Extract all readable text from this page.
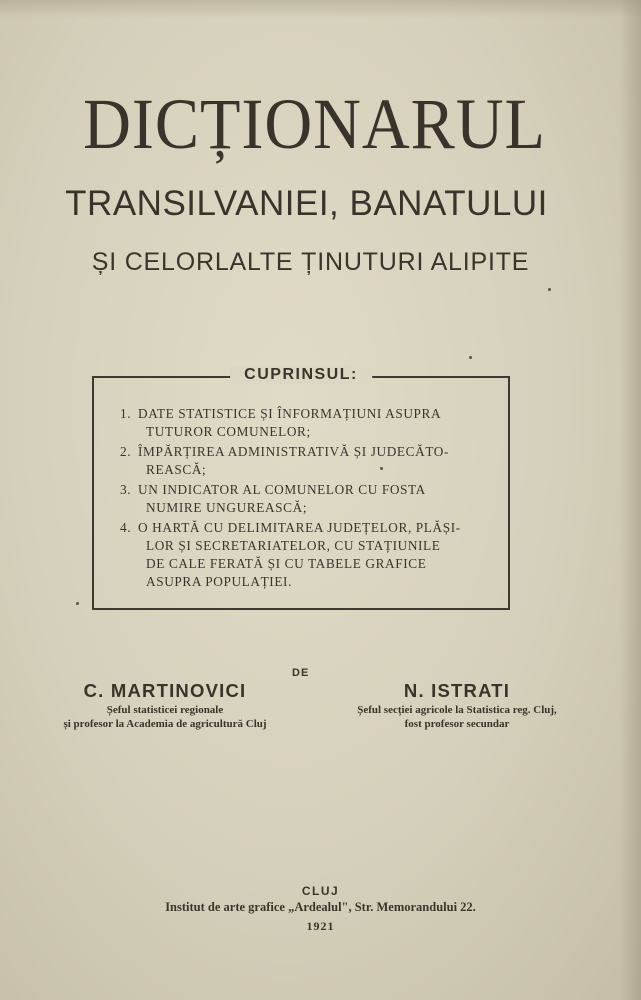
DICȚIONARUL
TRANSILVANIEI, BANATULUI
ȘI CELORLALTE ȚINUTURI ALIPITE
CUPRINSUL:
1. DATE STATISTICE ȘI ÎNFORMAȚIUNI ASUPRA
TUTUROR COMUNELOR;
2. ÎMPĂRȚIREA ADMINISTRATIVĂ ȘI JUDECĂTO-
REASCĂ;
3. UN INDICATOR AL COMUNELOR CU FOSTA
NUMIRE UNGUREASCĂ;
4. O HARTĂ CU DELIMITAREA JUDEȚELOR, PLĂȘI-
LOR ȘI SECRETARIATELOR, CU STAȚIUNILE
DE CALE FERATĂ ȘI CU TABELE GRAFICE
ASUPRA POPULAȚIEI.
DE
C. MARTINOVICI
Șeful statisticei regionale
și profesor la Academia de agricultură Cluj
N. ISTRATI
Șeful secției agricole la Statistica reg. Cluj,
fost profesor secundar
CLUJ
Institut de arte grafice „Ardealul", Str. Memorandului 22.
1921
